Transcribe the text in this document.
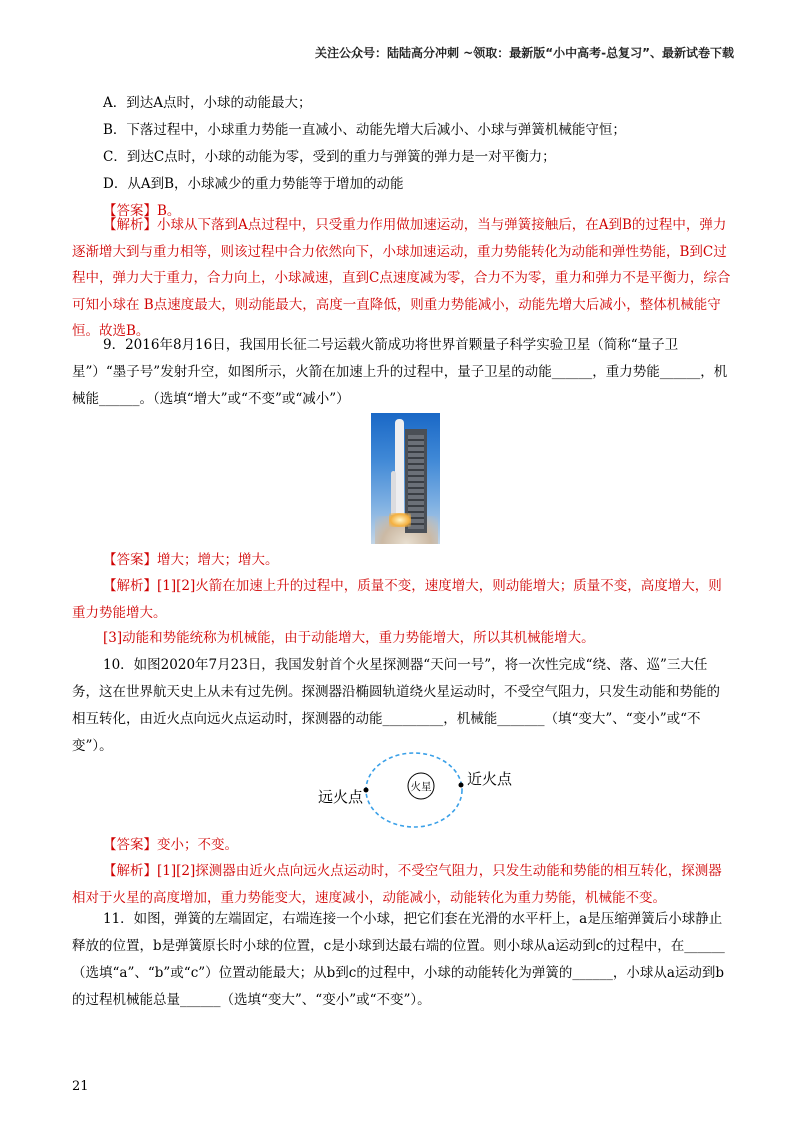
关注公众号：陆陆高分冲刺 ~领取：最新版“小中高考-总复习”、最新试卷下载

A．到达A点时，小球的动能最大；

B．下落过程中，小球重力势能一直减小、动能先增大后减小、小球与弹簧机械能守恒；

C．到达C点时，小球的动能为零，受到的重力与弹簧的弹力是一对平衡力；

D．从A到B，小球减少的重力势能等于增加的动能

【答案】B。

【解析】小球从下落到A点过程中，只受重力作用做加速运动，当与弹簧接触后，在A到B的过程中，弹力逐渐增大到与重力相等，则该过程中合力依然向下，小球加速运动，重力势能转化为动能和弹性势能，B到C过程中，弹力大于重力，合力向上，小球减速，直到C点速度减为零，合力不为零，重力和弹力不是平衡力，综合可知小球在 B点速度最大，则动能最大，高度一直降低，则重力势能减小，动能先增大后减小，整体机械能守恒。故选B。

9．2016年8月16日，我国用长征二号运载火箭成功将世界首颗量子科学实验卫星（简称“量子卫星”）“墨子号”发射升空，如图所示，火箭在加速上升的过程中，量子卫星的动能______，重力势能______，机械能______。（选填“增大”或“不变”或“减小”）

【答案】增大；增大；增大。

【解析】[1][2]火箭在加速上升的过程中，质量不变，速度增大，则动能增大；质量不变，高度增大，则重力势能增大。

[3]动能和势能统称为机械能，由于动能增大，重力势能增大，所以其机械能增大。

10．如图2020年7月23日，我国发射首个火星探测器“天问一号”，将一次性完成“绕、落、巡”三大任务，这在世界航天史上从未有过先例。探测器沿椭圆轨道绕火星运动时，不受空气阻力，只发生动能和势能的相互转化，由近火点向远火点运动时，探测器的动能_________，机械能_______（填“变大”、“变小”或“不变”）。

火星
远火点
近火点

【答案】变小；不变。

【解析】[1][2]探测器由近火点向远火点运动时，不受空气阻力，只发生动能和势能的相互转化，探测器相对于火星的高度增加，重力势能变大，速度减小，动能减小，动能转化为重力势能，机械能不变。

11．如图，弹簧的左端固定，右端连接一个小球，把它们套在光滑的水平杆上，a是压缩弹簧后小球静止释放的位置，b是弹簧原长时小球的位置，c是小球到达最右端的位置。则小球从a运动到c的过程中，在______（选填“a”、“b”或“c”）位置动能最大；从b到c的过程中，小球的动能转化为弹簧的______，小球从a运动到b的过程机械能总量______（选填“变大”、“变小”或“不变”）。

21
